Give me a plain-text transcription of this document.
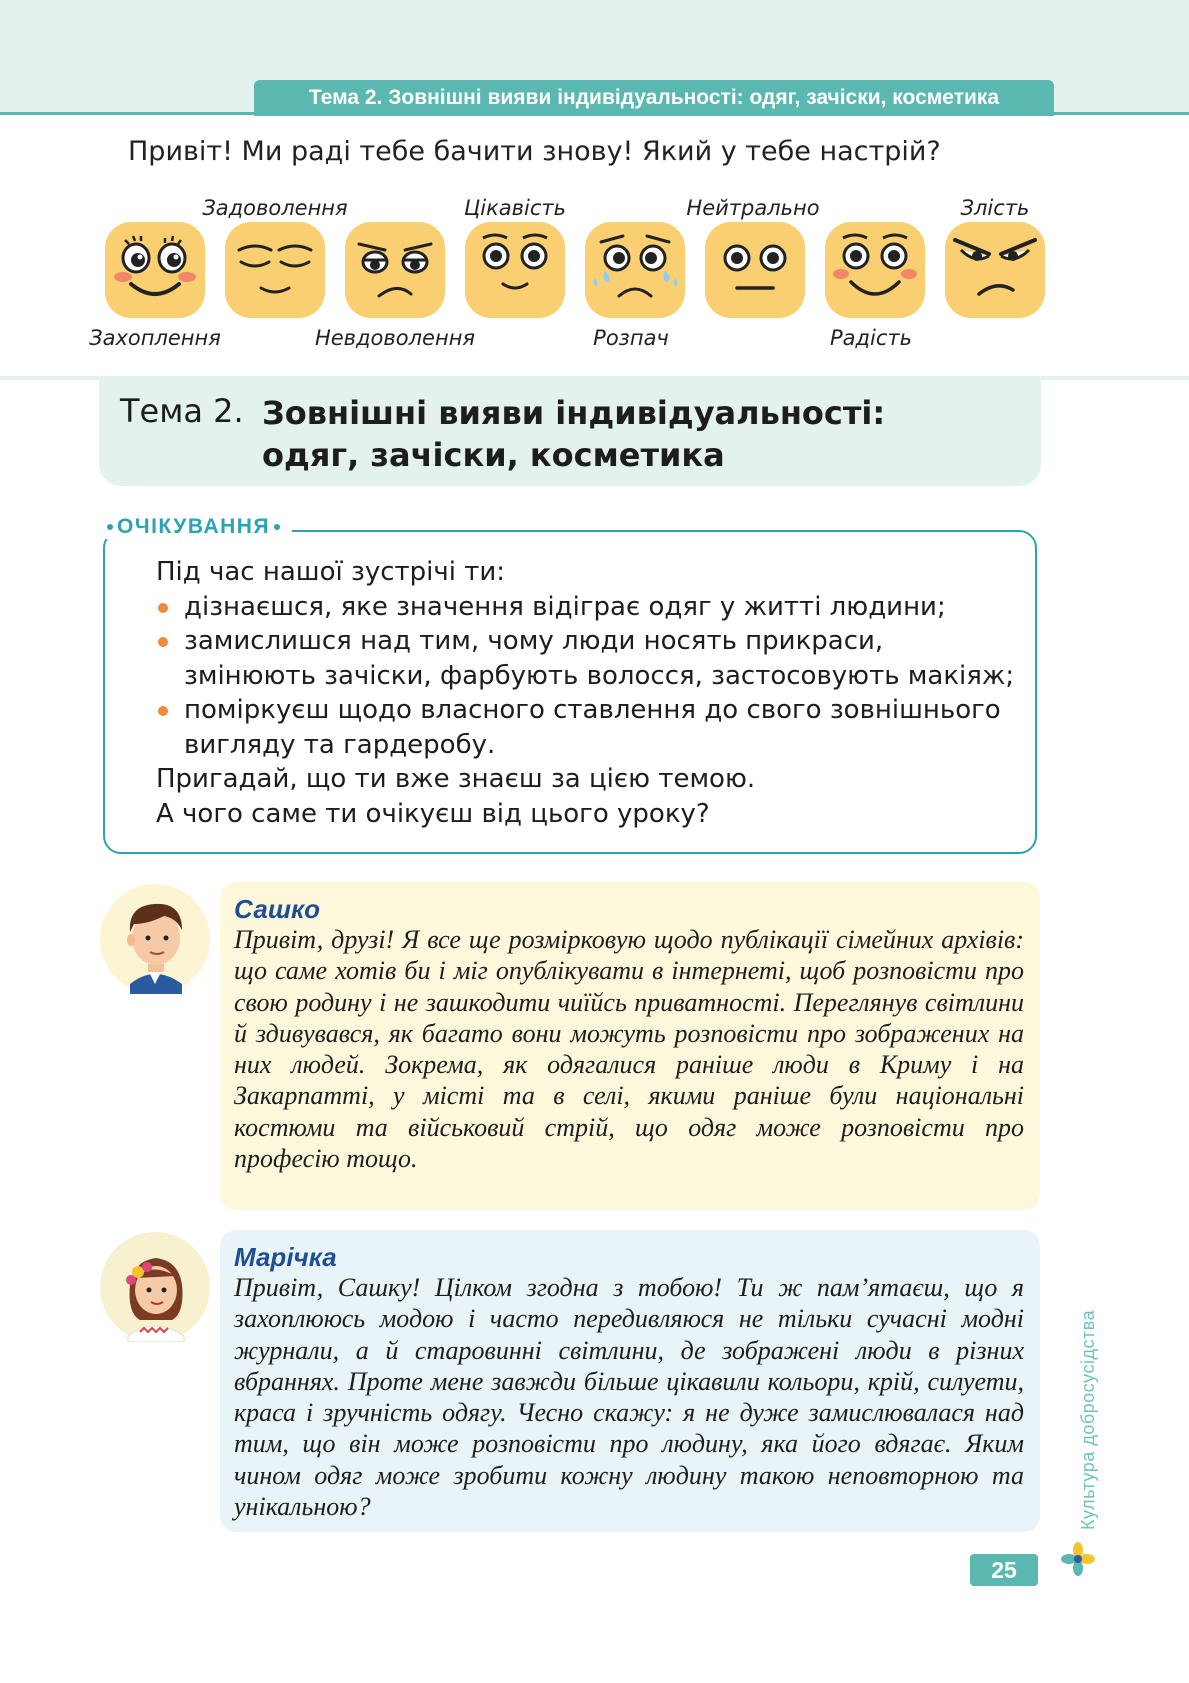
Тема 2. Зовнішні вияви індивідуальності: одяг, зачіски, косметика
Привіт! Ми раді тебе бачити знову! Який у тебе настрій?
Задоволення	Цікавість	Нейтрально	Злість
Захоплення	Невдоволення	Розпач	Радість
Тема 2. Зовнішні вияви індивідуальності:
одяг, зачіски, косметика
ОЧІКУВАННЯ

Під час нашої зустрічі ти:

дізнаєшся, яке значення відіграє одяг у житті людини;
замислишся над тим, чому люди носять прикраси, змінюють зачіски, фарбують волосся, застосовують макіяж;
поміркуєш щодо власного ставлення до свого зовнішнього вигляду та гардеробу.

Пригадай, що ти вже знаєш за цією темою.

А чого саме ти очікуєш від цього уроку?

Сашко

Привіт, друзі! Я все ще розмірковую щодо публікації сімейних архівів: що саме хотів би і міг опублікувати в інтернеті, щоб розповісти про свою родину і не зашкодити чиїйсь приватності. Переглянув світлини й здивувався, як багато вони можуть розповісти про зображених на них людей. Зокрема, як одягалися раніше люди в Криму і на Закарпатті, у місті та в селі, якими раніше були національні костюми та військовий стрій, що одяг може розповісти про професію тощо.

Марічка

Привіт, Сашку! Цілком згодна з тобою! Ти ж пам’ятаєш, що я захоплююсь модою і часто передивляюся не тільки сучасні модні журнали, а й старовинні світлини, де зображені люди в різних вбраннях. Проте мене завжди більше цікавили кольори, крій, силуети, краса і зручність одягу. Чесно скажу: я не дуже замислювалася над тим, що він може розповісти про людину, яка його вдягає. Яким чином одяг може зробити кожну людину такою неповторною та унікальною?	Культура добросусідства
25
